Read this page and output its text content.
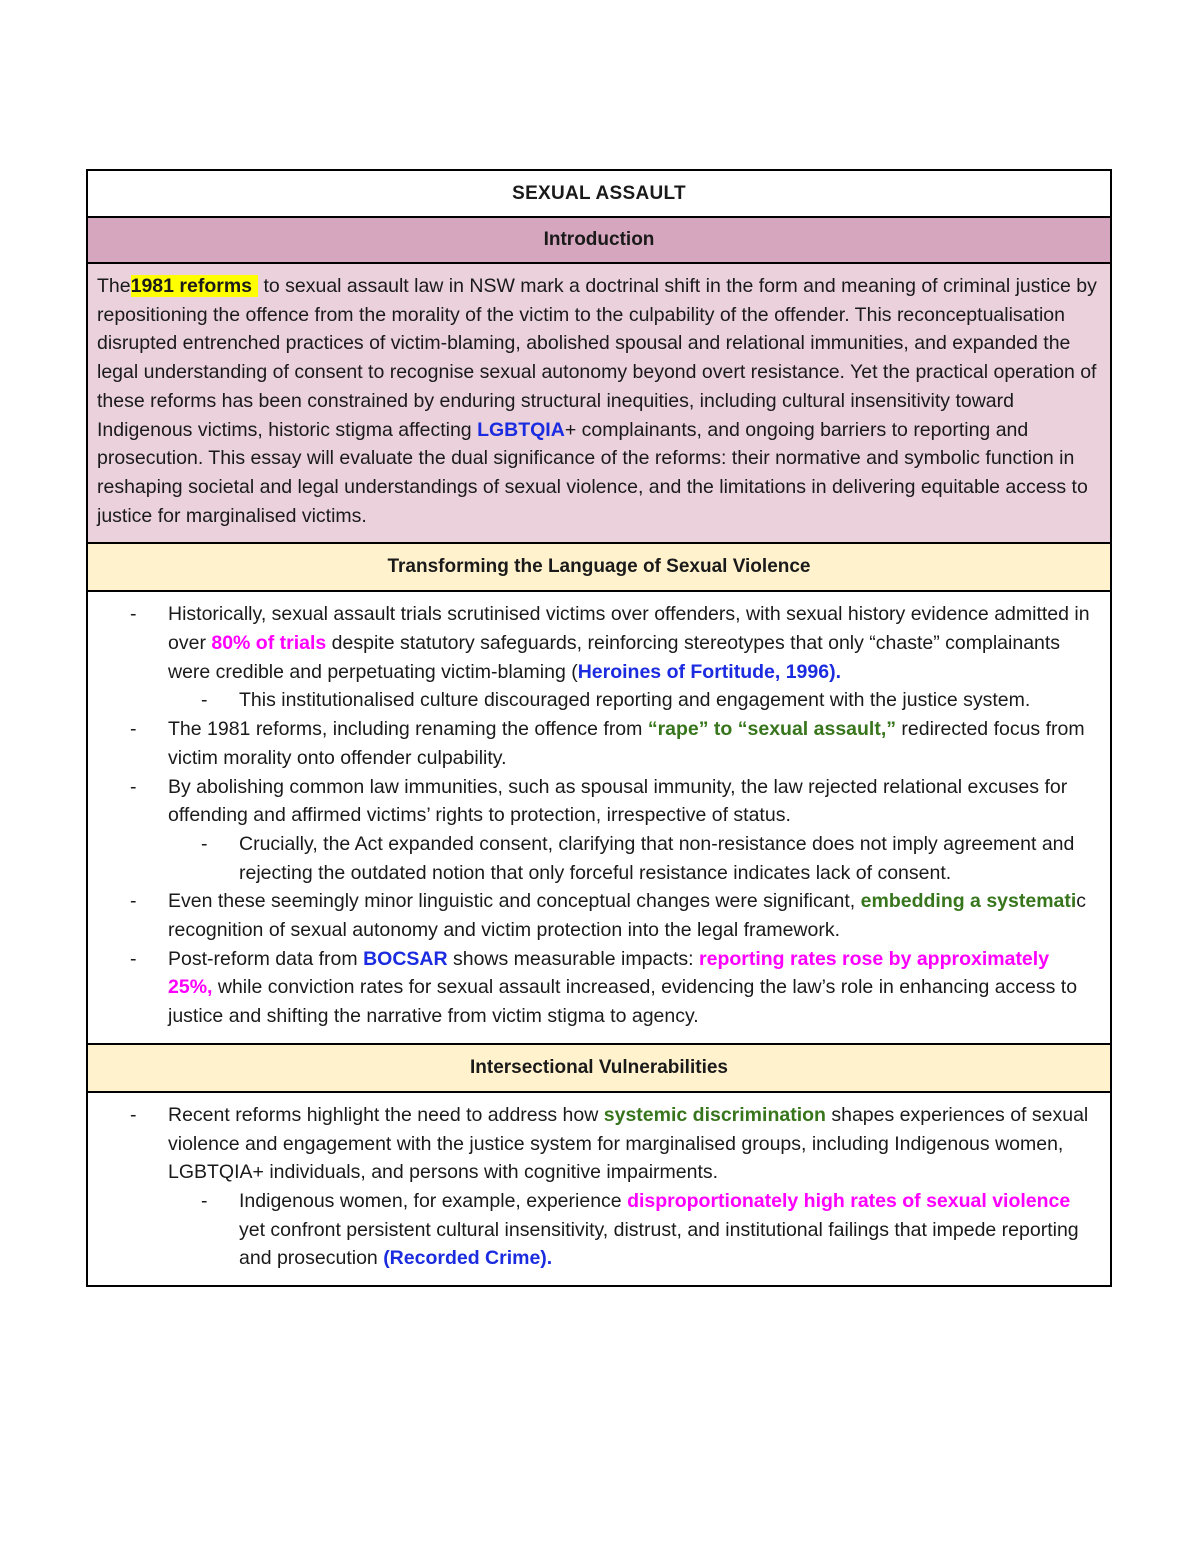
SEXUAL ASSAULT
Introduction
The1981 reforms to sexual assault law in NSW mark a doctrinal shift in the form and meaning of criminal justice by repositioning the offence from the morality of the victim to the culpability of the offender. This reconceptualisation disrupted entrenched practices of victim-blaming, abolished spousal and relational immunities, and expanded the legal understanding of consent to recognise sexual autonomy beyond overt resistance. Yet the practical operation of these reforms has been constrained by enduring structural inequities, including cultural insensitivity toward Indigenous victims, historic stigma affecting LGBTQIA+ complainants, and ongoing barriers to reporting and prosecution. This essay will evaluate the dual significance of the reforms: their normative and symbolic function in reshaping societal and legal understandings of sexual violence, and the limitations in delivering equitable access to justice for marginalised victims.
Transforming the Language of Sexual Violence

-	Historically, sexual assault trials scrutinised victims over offenders, with sexual history evidence admitted in over 80% of trials despite statutory safeguards, reinforcing stereotypes that only “chaste” complainants were credible and perpetuating victim-blaming (Heroines of Fortitude, 1996).
-	This institutionalised culture discouraged reporting and engagement with the justice system.
-	The 1981 reforms, including renaming the offence from “rape” to “sexual assault,” redirected focus from victim morality onto offender culpability.
-	By abolishing common law immunities, such as spousal immunity, the law rejected relational excuses for offending and affirmed victims’ rights to protection, irrespective of status.
-	Crucially, the Act expanded consent, clarifying that non-resistance does not imply agreement and rejecting the outdated notion that only forceful resistance indicates lack of consent.
-	Even these seemingly minor linguistic and conceptual changes were significant, embedding a systematic recognition of sexual autonomy and victim protection into the legal framework.
-	Post-reform data from BOCSAR shows measurable impacts: reporting rates rose by approximately 25%, while conviction rates for sexual assault increased, evidencing the law’s role in enhancing access to justice and shifting the narrative from victim stigma to agency.

Intersectional Vulnerabilities

-	Recent reforms highlight the need to address how systemic discrimination shapes experiences of sexual violence and engagement with the justice system for marginalised groups, including Indigenous women, LGBTQIA+ individuals, and persons with cognitive impairments.
-	Indigenous women, for example, experience disproportionately high rates of sexual violence yet confront persistent cultural insensitivity, distrust, and institutional failings that impede reporting and prosecution (Recorded Crime).
